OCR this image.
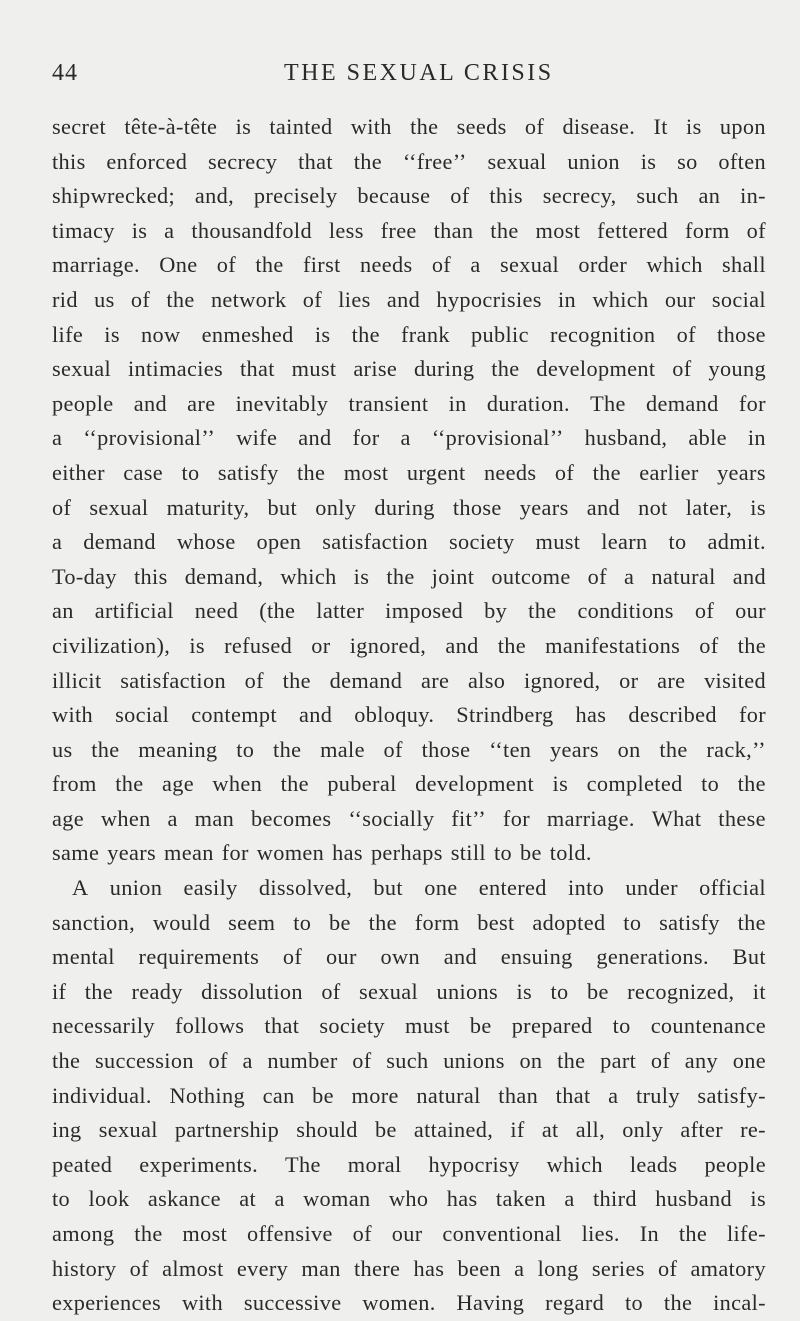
44	THE SEXUAL CRISIS
secret tête-à-tête is tainted with the seeds of disease. It is upon
this enforced secrecy that the ‘‘free’’ sexual union is so often
shipwrecked; and, precisely because of this secrecy, such an in-
timacy is a thousandfold less free than the most fettered form of
marriage. One of the first needs of a sexual order which shall
rid us of the network of lies and hypocrisies in which our social
life is now enmeshed is the frank public recognition of those
sexual intimacies that must arise during the development of young
people and are inevitably transient in duration. The demand for
a ‘‘provisional’’ wife and for a ‘‘provisional’’ husband, able in
either case to satisfy the most urgent needs of the earlier years
of sexual maturity, but only during those years and not later, is
a demand whose open satisfaction society must learn to admit.
To-day this demand, which is the joint outcome of a natural and
an artificial need (the latter imposed by the conditions of our
civilization), is refused or ignored, and the manifestations of the
illicit satisfaction of the demand are also ignored, or are visited
with social contempt and obloquy. Strindberg has described for
us the meaning to the male of those ‘‘ten years on the rack,’’
from the age when the puberal development is completed to the
age when a man becomes ‘‘socially fit’’ for marriage. What these
same years mean for women has perhaps still to be told.
A union easily dissolved, but one entered into under official
sanction, would seem to be the form best adopted to satisfy the
mental requirements of our own and ensuing generations. But
if the ready dissolution of sexual unions is to be recognized, it
necessarily follows that society must be prepared to countenance
the succession of a number of such unions on the part of any one
individual. Nothing can be more natural than that a truly satisfy-
ing sexual partnership should be attained, if at all, only after re-
peated experiments. The moral hypocrisy which leads people
to look askance at a woman who has taken a third husband is
among the most offensive of our conventional lies. In the life-
history of almost every man there has been a long series of amatory
experiences with successive women. Having regard to the incal-
